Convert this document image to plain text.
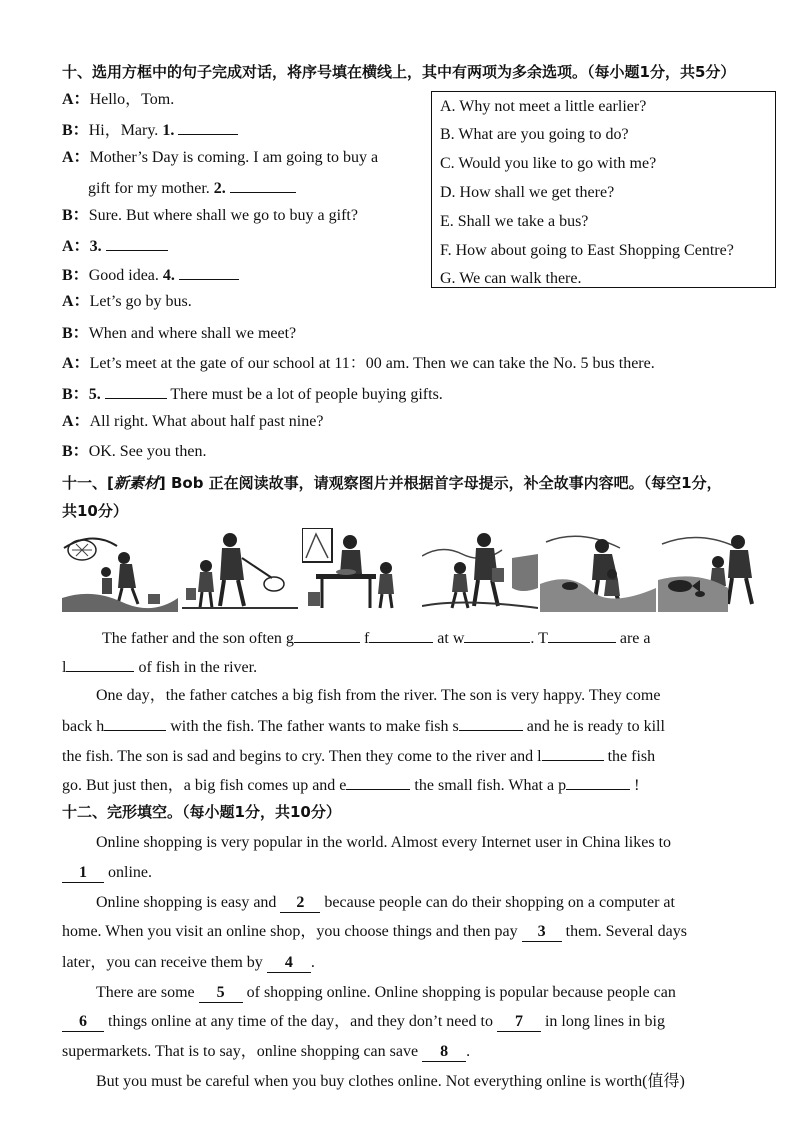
十、选用方框中的句子完成对话，将序号填在横线上，其中有两项为多余选项。（每小题1分，共5分）
A：Hello，Tom.
B：Hi，Mary. 1.
A：Mother’s Day is coming. I am going to buy a
gift for my mother. 2.
B：Sure. But where shall we go to buy a gift?
A：3.
B：Good idea. 4.
A：Let’s go by bus.
B：When and where shall we meet?
A：Let’s meet at the gate of our school at 11：00 am. Then we can take the No. 5 bus there.
B：5.	There must be a lot of people buying gifts.
A：All right. What about half past nine?
B：OK. See you then.
A. Why not meet a little earlier?
B. What are you going to do?
C. Would you like to go with me?
D. How shall we get there?
E. Shall we take a bus?
F. How about going to East Shopping Centre?
G. We can walk there.
十一、[新素材] Bob 正在阅读故事，请观察图片并根据首字母提示，补全故事内容吧。（每空1分，
共10分）
The father and the son often g	f	at w	. T	are a
l	of fish in the river.
One day，the father catches a big fish from the river. The son is very happy. They come
back h	with the fish. The father wants to make fish s	and he is ready to kill
the fish. The son is sad and begins to cry. Then they come to the river and l	the fish
go. But just then，a big fish comes up and e	the small fish. What a p	!
十二、完形填空。（每小题1分，共10分）
Online shopping is very popular in the world. Almost every Internet user in China likes to
1 online.
Online shopping is easy and 2 because people can do their shopping on a computer at
home. When you visit an online shop，you choose things and then pay 3 them. Several days
later，you can receive them by 4 .
There are some 5 of shopping online. Online shopping is popular because people can
6 things online at any time of the day，and they don’t need to 7 in long lines in big
supermarkets. That is to say，online shopping can save 8 .
But you must be careful when you buy clothes online. Not everything online is worth(值得)
